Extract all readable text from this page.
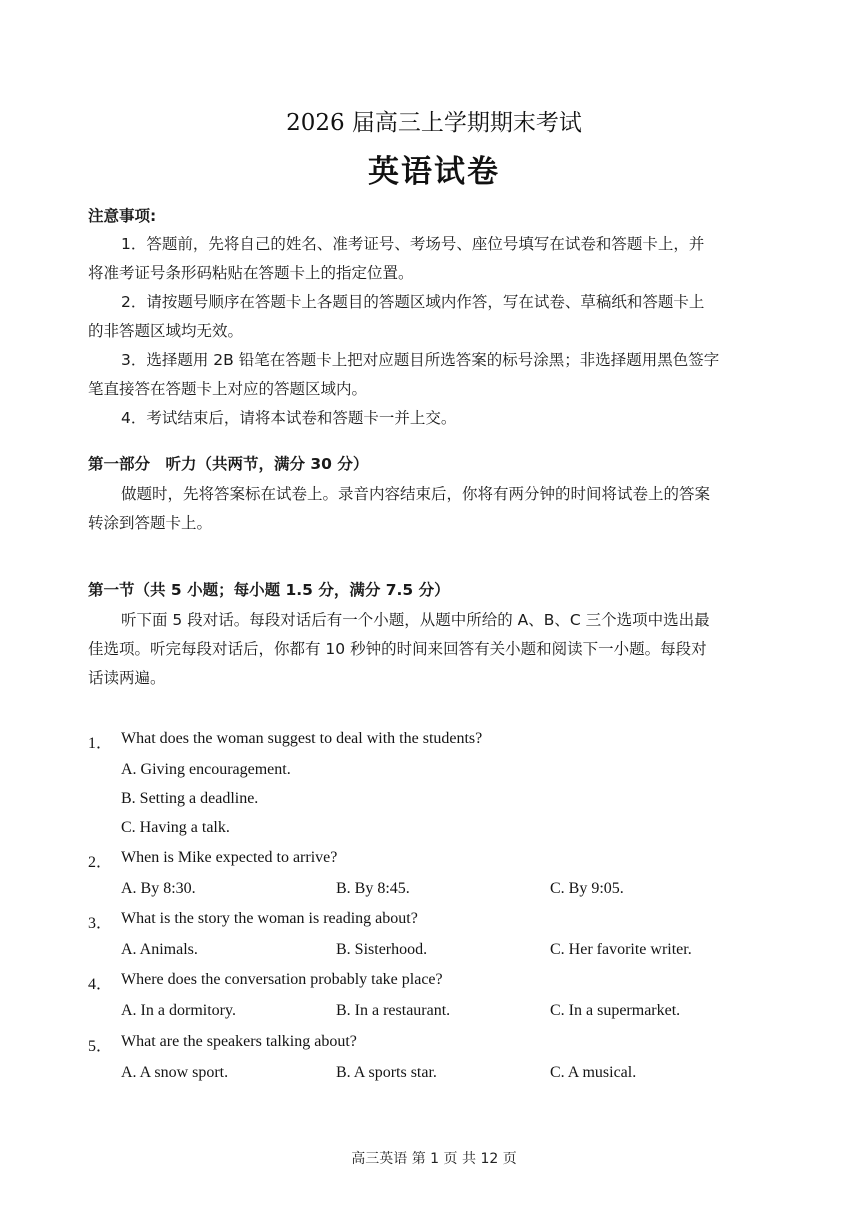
2026 届高三上学期期末考试
英语试卷
注意事项:
1．答题前，先将自己的姓名、准考证号、考场号、座位号填写在试卷和答题卡上，并
将准考证号条形码粘贴在答题卡上的指定位置。
2．请按题号顺序在答题卡上各题目的答题区域内作答，写在试卷、草稿纸和答题卡上
的非答题区域均无效。
3．选择题用 2B 铅笔在答题卡上把对应题目所选答案的标号涂黑；非选择题用黑色签字
笔直接答在答题卡上对应的答题区域内。
4．考试结束后，请将本试卷和答题卡一并上交。
第一部分　听力（共两节，满分 30 分）
做题时，先将答案标在试卷上。录音内容结束后，你将有两分钟的时间将试卷上的答案
转涂到答题卡上。
第一节（共 5 小题；每小题 1.5 分，满分 7.5 分）
听下面 5 段对话。每段对话后有一个小题，从题中所给的 A、B、C 三个选项中选出最
佳选项。听完每段对话后，你都有 10 秒钟的时间来回答有关小题和阅读下一小题。每段对
话读两遍。
1． What does the woman suggest to deal with the students?
A. Giving encouragement.
B. Setting a deadline.
C. Having a talk.
2． When is Mike expected to arrive?
A. By 8:30.	B. By 8:45.	C. By 9:05.
3． What is the story the woman is reading about?
A. Animals.	B. Sisterhood.	C. Her favorite writer.
4． Where does the conversation probably take place?
A. In a dormitory.	B. In a restaurant.	C. In a supermarket.
5． What are the speakers talking about?
A. A snow sport.	B. A sports star.	C. A musical.
高三英语 第 1 页 共 12 页
